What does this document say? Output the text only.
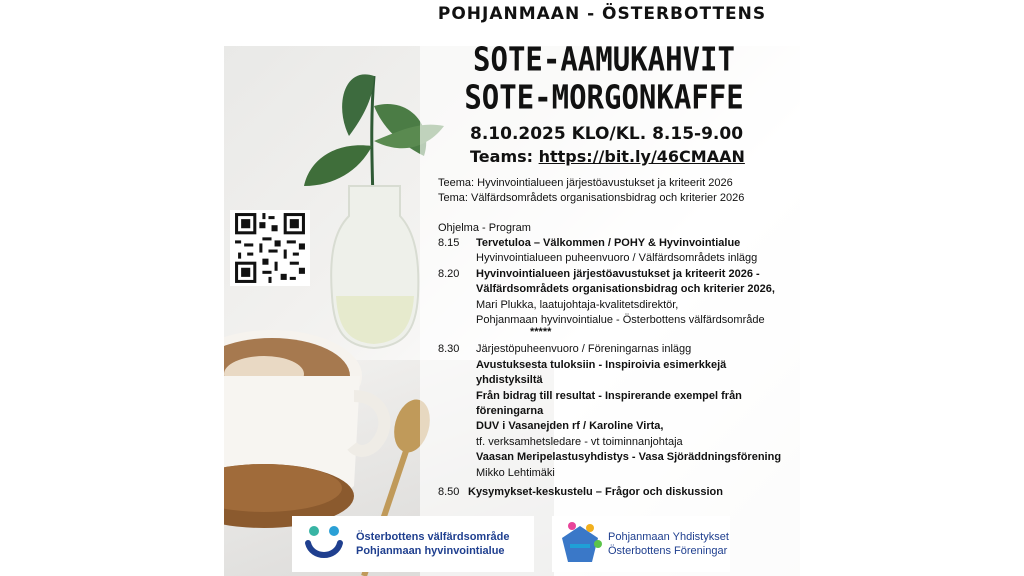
Österbottens välfärdsområde
Pohjanmaan hyvinvointialue
Pohjanmaan Yhdistykset
Österbottens Föreningar
POHJANMAAN - ÖSTERBOTTENS
SOTE-AAMUKAHVIT
SOTE-MORGONKAFFE
8.10.2025 KLO/KL. 8.15-9.00
Teams: https://bit.ly/46CMAAN
Teema: Hyvinvointialueen järjestöavustukset ja kriteerit 2026
Tema: Välfärdsområdets organisationsbidrag och kriterier 2026
Ohjelma - Program
8.15 Tervetuloa – Välkommen / POHY & Hyvinvointialue
Hyvinvointialueen puheenvuoro / Välfärdsområdets inlägg
8.20 Hyvinvointialueen järjestöavustukset ja kriteerit 2026 -
Välfärdsområdets organisationsbidrag och kriterier 2026,
Mari Plukka, laatujohtaja-kvalitetsdirektör,
Pohjanmaan hyvinvointialue - Österbottens välfärdsområde
*****
8.30 Järjestöpuheenvuoro / Föreningarnas inlägg
Avustuksesta tuloksiin - Inspiroivia esimerkkejä
yhdistyksiltä
Från bidrag till resultat - Inspirerande exempel från
föreningarna
DUV i Vasanejden rf / Karoline Virta,
tf. verksamhetsledare - vt toiminnanjohtaja
Vaasan Meripelastusyhdistys - Vasa Sjöräddningsförening
Mikko Lehtimäki
8.50 Kysymykset-keskustelu – Frågor och diskussion
